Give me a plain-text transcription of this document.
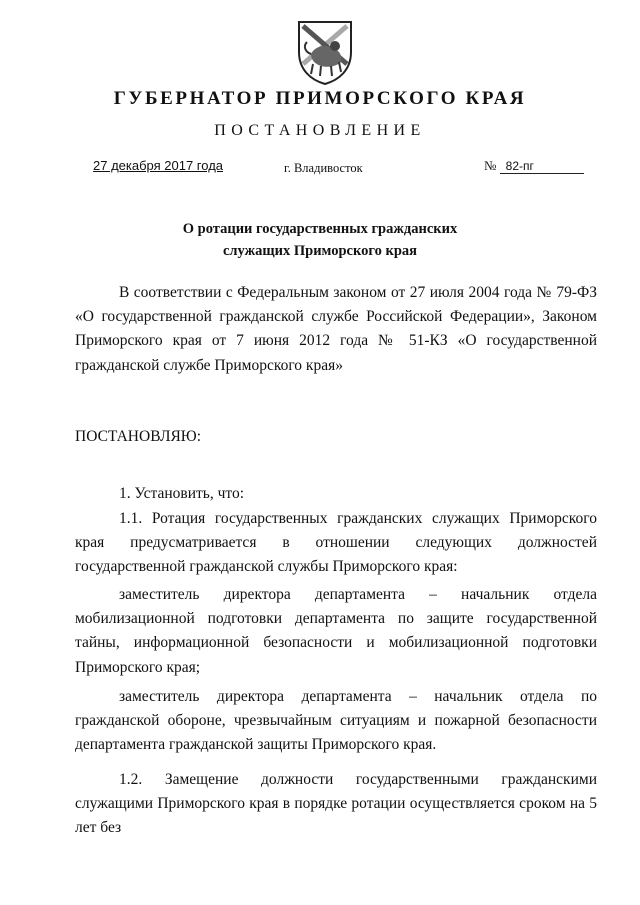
ГУБЕРНАТОР ПРИМОРСКОГО КРАЯ
ПОСТАНОВЛЕНИЕ
27 декабря 2017 года	г. Владивосток	№ 82-пг
О ротации государственных гражданских
служащих Приморского края

В соответствии с Федеральным законом от 27 июля 2004 года № 79-ФЗ «О государственной гражданской службе Российской Федерации», Законом Приморского края от 7 июня 2012 года № 51-КЗ «О государственной гражданской службе Приморского края»

ПОСТАНОВЛЯЮ:

1. Установить, что:

1.1. Ротация государственных гражданских служащих Приморского края предусматривается в отношении следующих должностей государственной гражданской службы Приморского края:

заместитель директора департамента – начальник отдела мобилизационной подготовки департамента по защите государственной тайны, информационной безопасности и мобилизационной подготовки Приморского края;

заместитель директора департамента – начальник отдела по гражданской обороне, чрезвычайным ситуациям и пожарной безопасности департамента гражданской защиты Приморского края.

1.2. Замещение должности государственными гражданскими служащими Приморского края в порядке ротации осуществляется сроком на 5 лет без
